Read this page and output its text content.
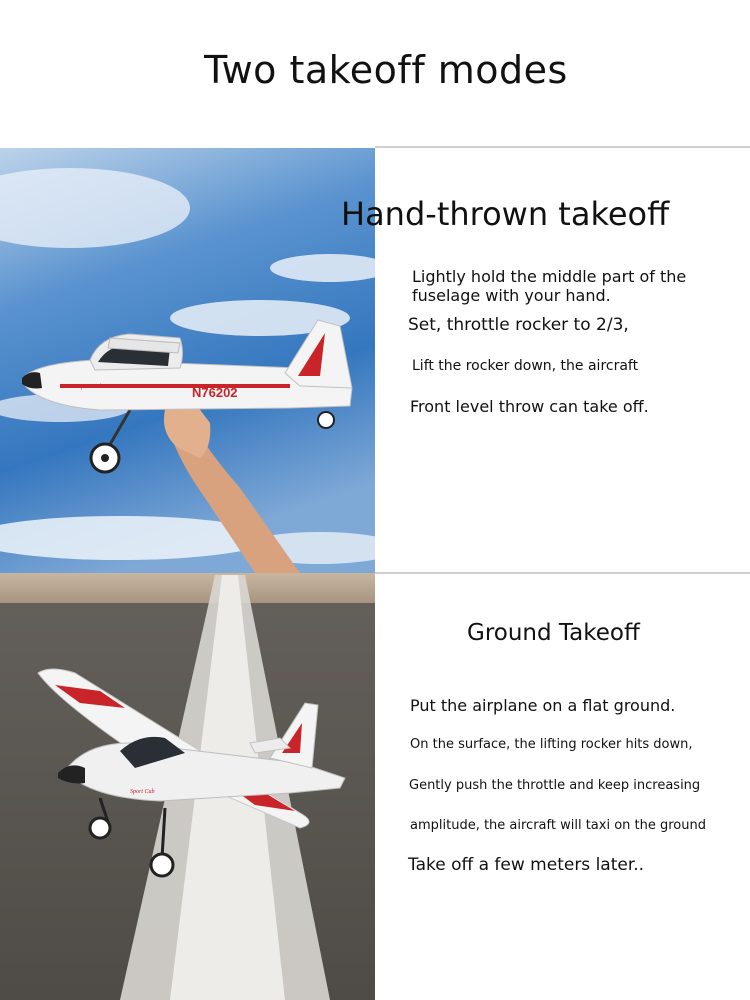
Two takeoff modes
N76202
Sport Cub
Sport Cub
Hand-thrown takeoff
Lightly hold the middle part of the
fuselage with your hand.
Set, throttle rocker to 2/3,
Lift the rocker down, the aircraft
Front level throw can take off.
Ground Takeoff
Put the airplane on a flat ground.
On the surface, the lifting rocker hits down,
Gently push the throttle and keep increasing
amplitude, the aircraft will taxi on the ground
Take off a few meters later..
